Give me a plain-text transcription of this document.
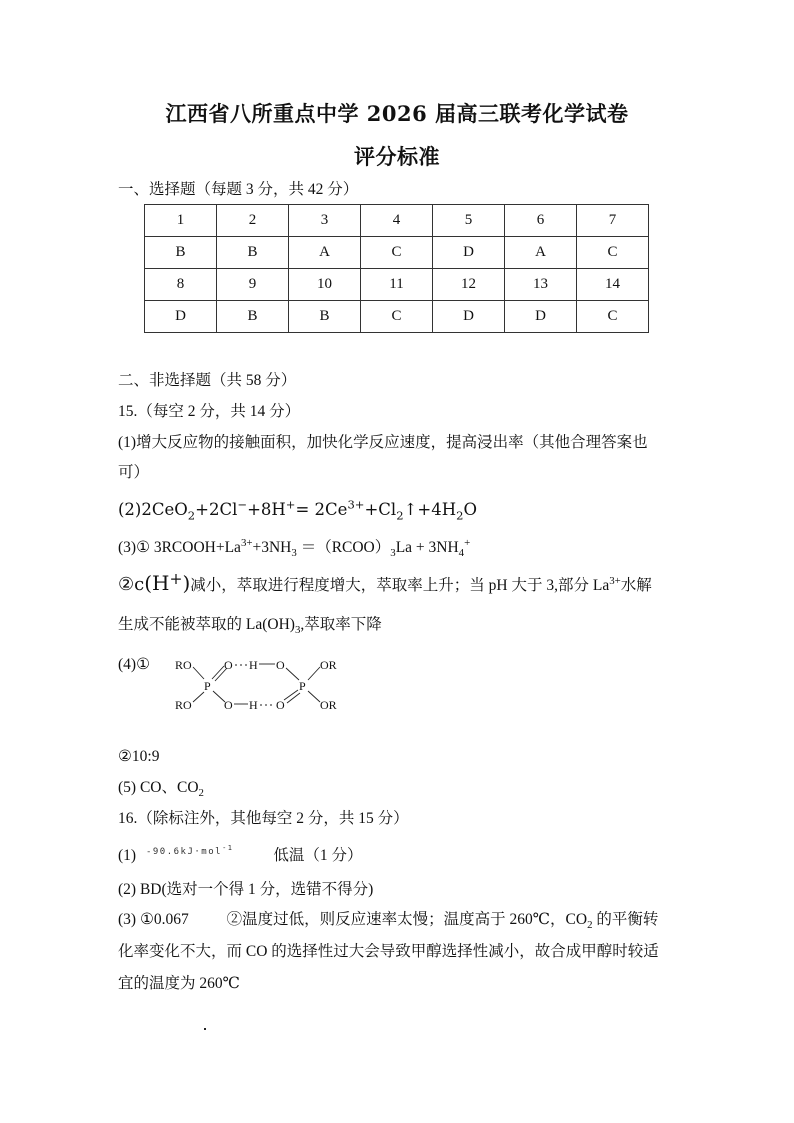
江西省八所重点中学 2026 届高三联考化学试卷
评分标准
一、选择题（每题 3 分，共 42 分）
1	2	3	4	5	6	7
B	B	A	C	D	A	C
8	9	10	11	12	13	14
D	B	B	C	D	D	C
二、非选择题（共 58 分）
15.（每空 2 分，共 14 分）
(1)增大反应物的接触面积，加快化学反应速度，提高浸出率（其他合理答案也
可）
$(2)2CeO_2+2Cl^-+8H^+= 2Ce^{3+}+Cl_2↑+4H_2O$
(3)① $3RCOOH+La^{3+}+3NH_3$ $=(RCOO)_3La + 3NH_4^+$
②c(H+)减小，萃取进行程度增大，萃取率上升；当 pH 大于 3,部分 $La^{3+}$水解
生成不能被萃取的 $La(OH)_3$,萃取率下降
(4)① RO
RO
P
O H O
O H O
P
OR
OR
②10:9
(5) CO、$CO_2$
16.（除标注外，其他每空 2 分，共 15 分）
(1) $^{-90.6kJ\cdot mol-1}$	低温（1 分）
(2) BD(选对一个得 1 分，选错不得分)
(3) ①0.067 ②温度过低，则反应速率太慢；温度高于 260℃，$CO_2$ 的平衡转
化率变化不大，而 CO 的选择性过大会导致甲醇选择性减小，故合成甲醇时较适
宜的温度为 260℃
